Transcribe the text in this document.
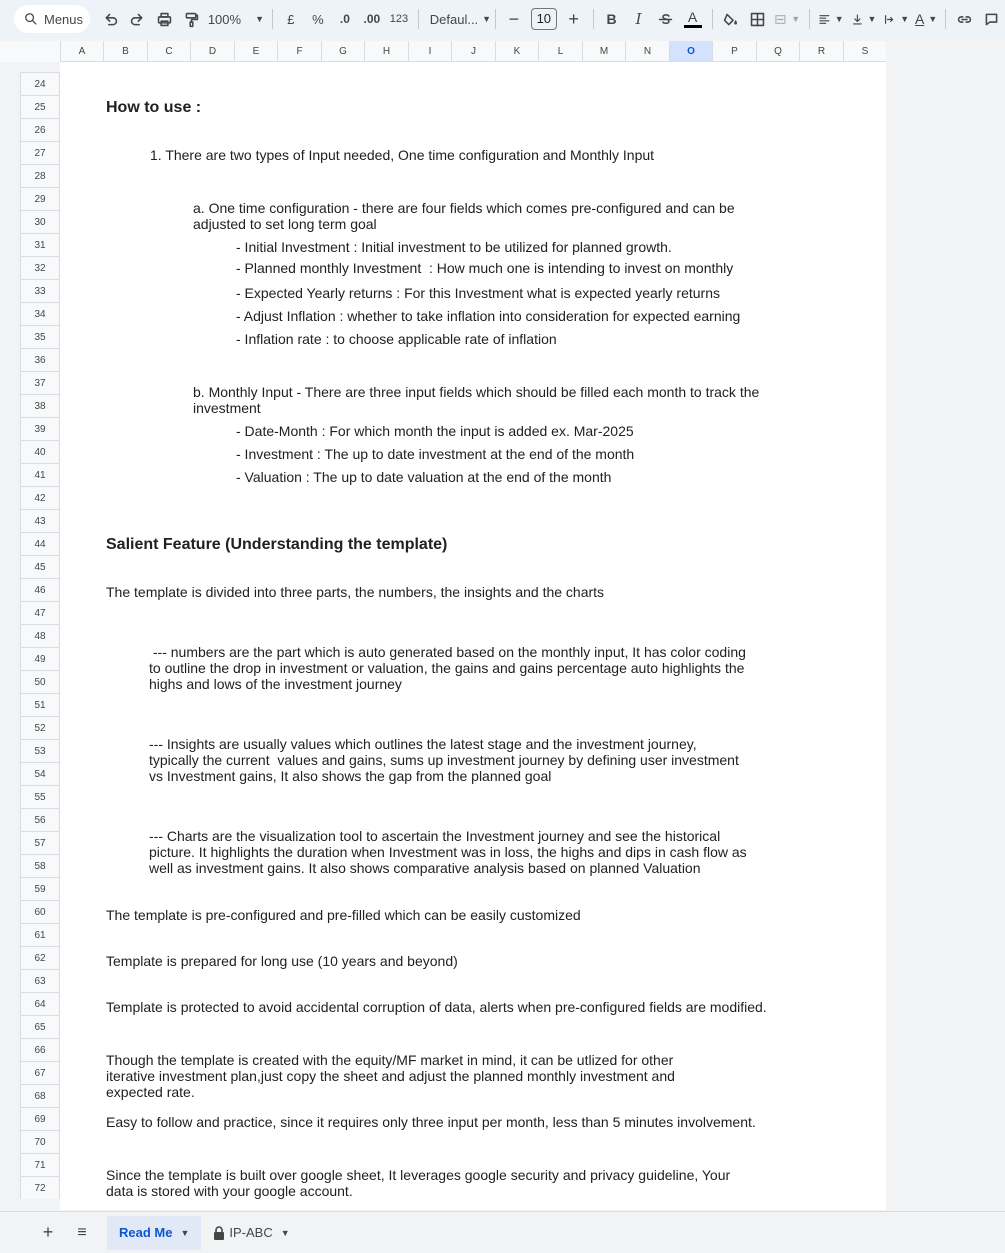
Menus	100% ▼	£	%	.0	.00 123 Defaul... ▼ −	10 +	B	I	A	▼	▼	▼	▼ A ▼
A	B	C	D	E	F	G	H	I	J	K	L	M	N	O	P	Q	R	S
24
25
26
27
28
29
30
31
32
33
34
35
36
37
38
39
40
41
42
43
44
45
46
47
48
49
50
51
52
53
54
55
56
57
58
59
60
61
62
63
64
65
66
67
68
69
70
71
72
How to use :
1. There are two types of Input needed, One time configuration and Monthly Input
a. One time configuration - there are four fields which comes pre-configured and can be adjusted to set long term goal
- Initial Investment : Initial investment to be utilized for planned growth.
- Planned monthly Investment  : How much one is intending to invest on monthly
- Expected Yearly returns : For this Investment what is expected yearly returns
- Adjust Inflation : whether to take inflation into consideration for expected earning
- Inflation rate : to choose applicable rate of inflation
b. Monthly Input - There are three input fields which should be filled each month to track the investment
- Date-Month : For which month the input is added ex. Mar-2025
- Investment : The up to date investment at the end of the month
- Valuation : The up to date valuation at the end of the month
Salient Feature (Understanding the template)
The template is divided into three parts, the numbers, the insights and the charts
--- numbers are the part which is auto generated based on the monthly input, It has color coding to outline the drop in investment or valuation, the gains and gains percentage auto highlights the highs and lows of the investment journey
--- Insights are usually values which outlines the latest stage and the investment journey, typically the current  values and gains, sums up investment journey by defining user investment vs Investment gains, It also shows the gap from the planned goal
--- Charts are the visualization tool to ascertain the Investment journey and see the historical picture. It highlights the duration when Investment was in loss, the highs and dips in cash flow as well as investment gains. It also shows comparative analysis based on planned Valuation
The template is pre-configured and pre-filled which can be easily customized
Template is prepared for long use (10 years and beyond)
Template is protected to avoid accidental corruption of data, alerts when pre-configured fields are modified.
Though the template is created with the equity/MF market in mind, it can be utlized for other iterative investment plan,just copy the sheet and adjust the planned monthly investment and expected rate.
Easy to follow and practice, since it requires only three input per month, less than 5 minutes involvement.
Since the template is built over google sheet, It leverages google security and privacy guideline, Your data is stored with your google account.
+	≡	Read Me ▼	IP-ABC ▼
